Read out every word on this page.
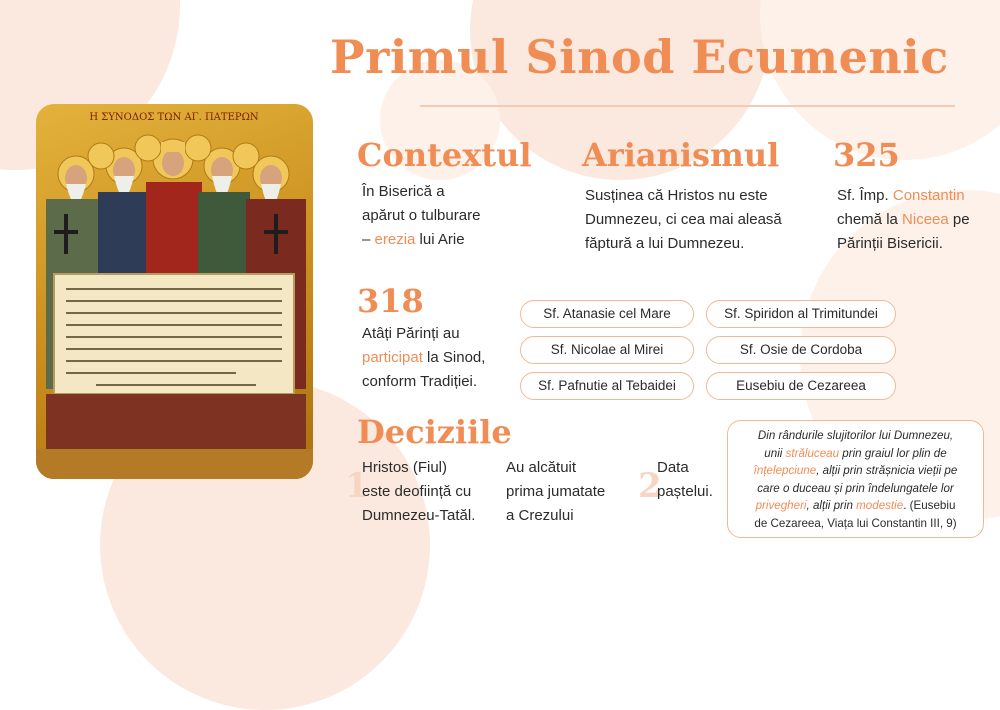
Primul Sinod Ecumenic
Η ΣΥΝΟΔΟΣ ΤΩΝ ΑΓ. ΠΑΤΕΡΩΝ
Contextul
În Biserică a
apărut o tulburare
– erezia lui Arie
Arianismul
Susținea că Hristos nu este
Dumnezeu, ci cea mai aleasă
făptură a lui Dumnezeu.
325
Sf. Împ. Constantin
chemă la Niceea pe
Părinții Bisericii.
318
Atâți Părinți au
participat la Sinod,
conform Tradiției.
Sf. Atanasie cel Mare	Sf. Spiridon al Trimitundei
Sf. Nicolae al Mirei	Sf. Osie de Cordoba
Sf. Pafnutie al Tebaidei	Eusebiu de Cezareea
Deciziile
1	2
Hristos (Fiul)
este deoființă cu
Dumnezeu-Tatăl.
Au alcătuit
prima jumatate
a Crezului
Data
paștelui.
Din rândurile slujitorilor lui Dumnezeu,
unii străluceau prin graiul lor plin de
înțelepciune, alții prin strășnicia vieții pe
care o duceau și prin îndelungatele lor
privegheri, alții prin modestie. (Eusebiu
de Cezareea, Viața lui Constantin III, 9)
